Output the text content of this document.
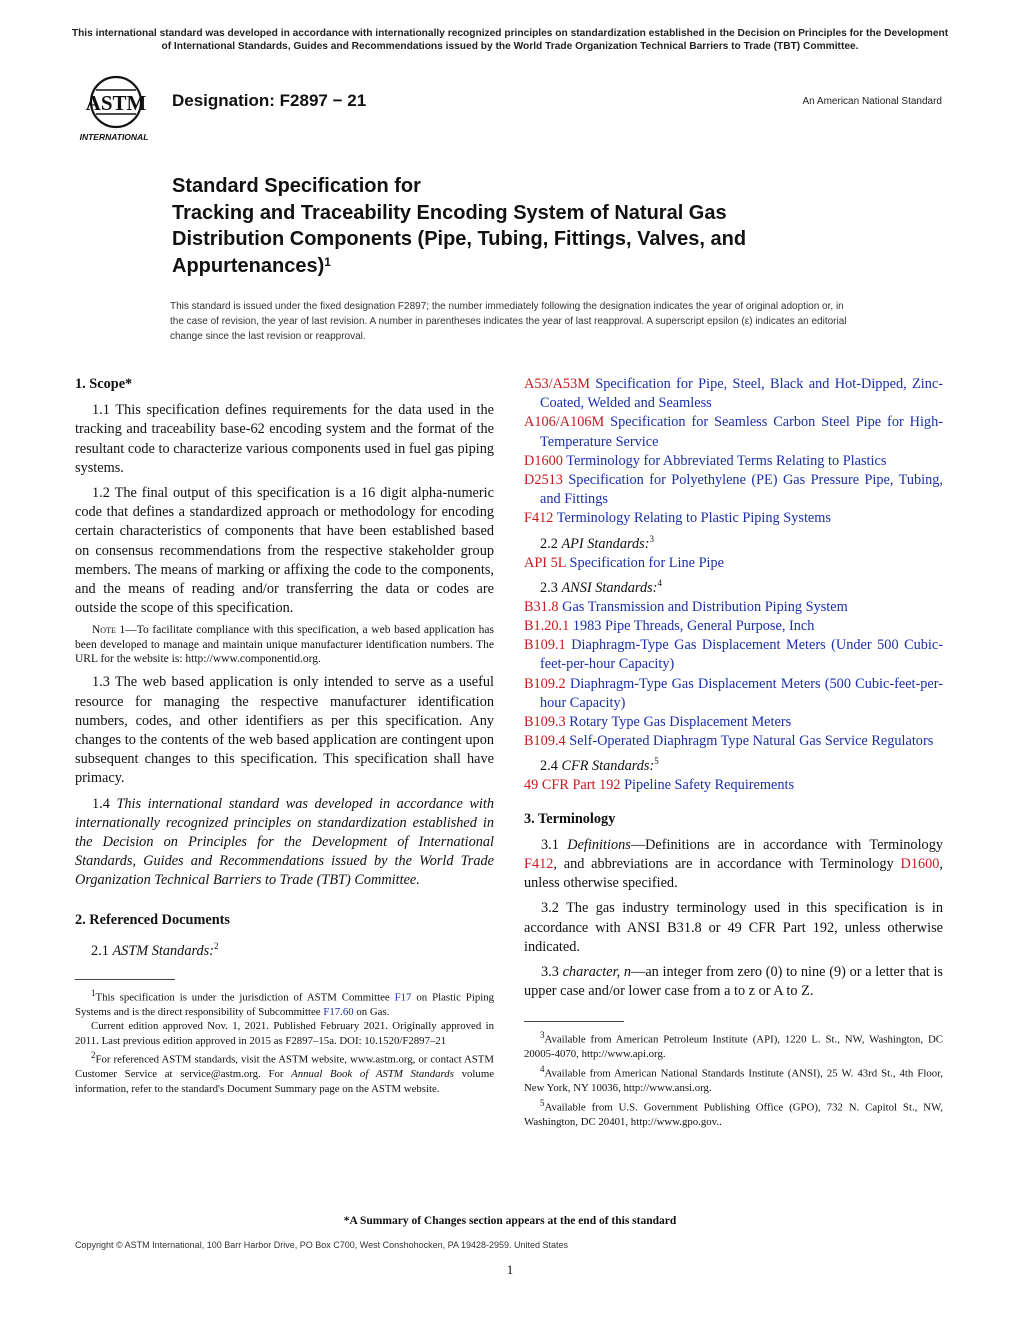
This international standard was developed in accordance with internationally recognized principles on standardization established in the Decision on Principles for the Development of International Standards, Guides and Recommendations issued by the World Trade Organization Technical Barriers to Trade (TBT) Committee.
ASTM
INTERNATIONAL
Designation: F2897 − 21	An American National Standard
Standard Specification for
Tracking and Traceability Encoding System of Natural Gas
Distribution Components (Pipe, Tubing, Fittings, Valves, and
Appurtenances)$^1$
This standard is issued under the fixed designation F2897; the number immediately following the designation indicates the year of original adoption or, in the case of revision, the year of last revision. A number in parentheses indicates the year of last reapproval. A superscript epsilon (ε) indicates an editorial change since the last revision or reapproval.
1. Scope*

1.1 This specification defines requirements for the data used in the tracking and traceability base-62 encoding system and the format of the resultant code to characterize various components used in fuel gas piping systems.

1.2 The final output of this specification is a 16 digit alpha-numeric code that defines a standardized approach or methodology for encoding certain characteristics of components that have been established based on consensus recommendations from the respective stakeholder group members. The means of marking or affixing the code to the components, and the means of reading and/or transferring the data or codes are outside the scope of this specification.

Note 1—To facilitate compliance with this specification, a web based application has been developed to manage and maintain unique manufacturer identification numbers. The URL for the website is: http://www.componentid.org.

1.3 The web based application is only intended to serve as a useful resource for managing the respective manufacturer identification numbers, codes, and other identifiers as per this specification. Any changes to the contents of the web based application are contingent upon subsequent changes to this specification. This specification shall have primacy.

1.4 This international standard was developed in accordance with internationally recognized principles on standardization established in the Decision on Principles for the Development of International Standards, Guides and Recommendations issued by the World Trade Organization Technical Barriers to Trade (TBT) Committee.

2. Referenced Documents

2.1 ASTM Standards:$^2$

$^1$This specification is under the jurisdiction of ASTM Committee F17 on Plastic Piping Systems and is the direct responsibility of Subcommittee F17.60 on Gas.

Current edition approved Nov. 1, 2021. Published February 2021. Originally approved in 2011. Last previous edition approved in 2015 as F2897–15a. DOI: 10.1520/F2897–21

$^2$For referenced ASTM standards, visit the ASTM website, www.astm.org, or contact ASTM Customer Service at service@astm.org. For Annual Book of ASTM Standards volume information, refer to the standard's Document Summary page on the ASTM website.

A53/A53M Specification for Pipe, Steel, Black and Hot-Dipped, Zinc-Coated, Welded and Seamless

A106/A106M Specification for Seamless Carbon Steel Pipe for High-Temperature Service

D1600 Terminology for Abbreviated Terms Relating to Plastics

D2513 Specification for Polyethylene (PE) Gas Pressure Pipe, Tubing, and Fittings

F412 Terminology Relating to Plastic Piping Systems

2.2 API Standards:$^3$

API 5L Specification for Line Pipe

2.3 ANSI Standards:$^4$

B31.8 Gas Transmission and Distribution Piping System

B1.20.1 1983 Pipe Threads, General Purpose, Inch

B109.1 Diaphragm-Type Gas Displacement Meters (Under 500 Cubic-feet-per-hour Capacity)

B109.2 Diaphragm-Type Gas Displacement Meters (500 Cubic-feet-per-hour Capacity)

B109.3 Rotary Type Gas Displacement Meters

B109.4 Self-Operated Diaphragm Type Natural Gas Service Regulators

2.4 CFR Standards:$^5$

49 CFR Part 192 Pipeline Safety Requirements

3. Terminology

3.1 Definitions—Definitions are in accordance with Terminology F412, and abbreviations are in accordance with Terminology D1600, unless otherwise specified.

3.2 The gas industry terminology used in this specification is in accordance with ANSI B31.8 or 49 CFR Part 192, unless otherwise indicated.

3.3 character, n—an integer from zero (0) to nine (9) or a letter that is upper case and/or lower case from a to z or A to Z.

$^3$Available from American Petroleum Institute (API), 1220 L. St., NW, Washington, DC 20005-4070, http://www.api.org.

$^4$Available from American National Standards Institute (ANSI), 25 W. 43rd St., 4th Floor, New York, NY 10036, http://www.ansi.org.

$^5$Available from U.S. Government Publishing Office (GPO), 732 N. Capitol St., NW, Washington, DC 20401, http://www.gpo.gov..

*A Summary of Changes section appears at the end of this standard
Copyright © ASTM International, 100 Barr Harbor Drive, PO Box C700, West Conshohocken, PA 19428-2959. United States
1
